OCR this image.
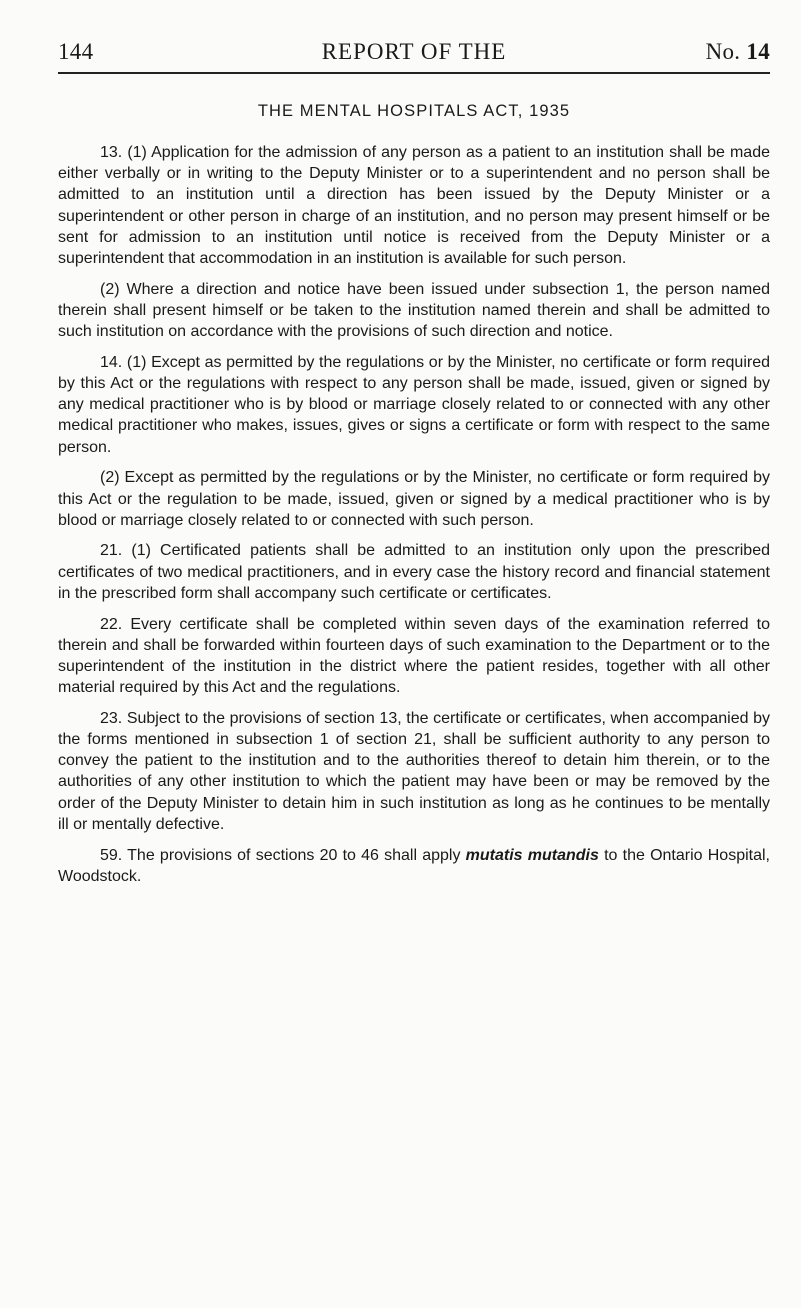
144	REPORT OF THE	No. 14
THE MENTAL HOSPITALS ACT, 1935

13. (1) Application for the admission of any person as a patient to an institution shall be made either verbally or in writing to the Deputy Minister or to a superintendent and no person shall be admitted to an institution until a direction has been issued by the Deputy Minister or a superintendent or other person in charge of an institution, and no person may present himself or be sent for admission to an institution until notice is received from the Deputy Minister or a superintendent that accommodation in an institution is available for such person.

(2) Where a direction and notice have been issued under subsection 1, the person named therein shall present himself or be taken to the institution named therein and shall be admitted to such institution on accordance with the provisions of such direction and notice.

14. (1) Except as permitted by the regulations or by the Minister, no certificate or form required by this Act or the regulations with respect to any person shall be made, issued, given or signed by any medical practitioner who is by blood or marriage closely related to or connected with any other medical practitioner who makes, issues, gives or signs a certificate or form with respect to the same person.

(2) Except as permitted by the regulations or by the Minister, no certificate or form required by this Act or the regulation to be made, issued, given or signed by a medical practitioner who is by blood or marriage closely related to or connected with such person.

21. (1) Certificated patients shall be admitted to an institution only upon the prescribed certificates of two medical practitioners, and in every case the history record and financial statement in the prescribed form shall accompany such certificate or certificates.

22. Every certificate shall be completed within seven days of the examination referred to therein and shall be forwarded within fourteen days of such examination to the Department or to the superintendent of the institution in the district where the patient resides, together with all other material required by this Act and the regulations.

23. Subject to the provisions of section 13, the certificate or certificates, when accompanied by the forms mentioned in subsection 1 of section 21, shall be sufficient authority to any person to convey the patient to the institution and to the authorities thereof to detain him therein, or to the authorities of any other institution to which the patient may have been or may be removed by the order of the Deputy Minister to detain him in such institution as long as he continues to be mentally ill or mentally defective.

59. The provisions of sections 20 to 46 shall apply mutatis mutandis to the Ontario Hospital, Woodstock.
